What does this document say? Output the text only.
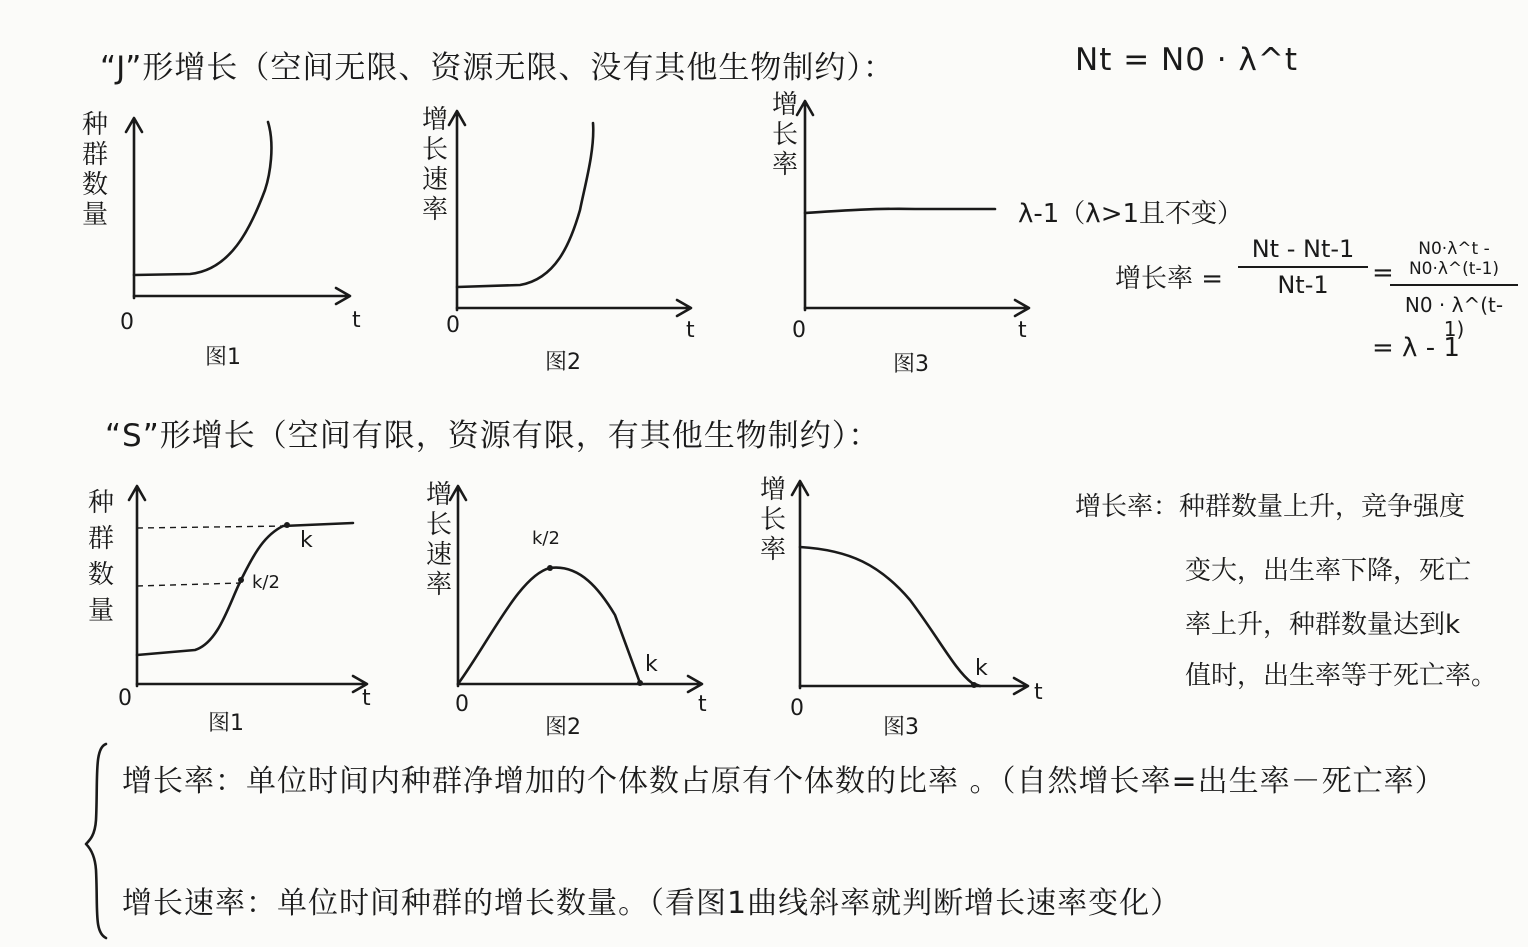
“J”形增长（空间无限、资源无限、没有其他生物制约）：	Nt = N0 · λ^t
种群数量
0	t
图1
增长速率
0	t
图2
增长率
0	t
图3
λ-1（λ>1且不变）
增长率 =
Nt - Nt-1
Nt-1	=
N0·λ^t - N0·λ^(t-1)
N0 · λ^(t-1)
= λ - 1
“S”形增长（空间有限，资源有限，有其他生物制约）：
种群数量
k
k/2
0	t
图1
增长速率
k/2
k
0	t
图2
增长率
k
0
t
图3
增长率：种群数量上升，竞争强度
变大，出生率下降，死亡
率上升，种群数量达到k
值时，出生率等于死亡率。
增长率：单位时间内种群净增加的个体数占原有个体数的比率 。（自然增长率=出生率－死亡率）
增长速率：单位时间种群的增长数量。（看图1曲线斜率就判断增长速率变化）
